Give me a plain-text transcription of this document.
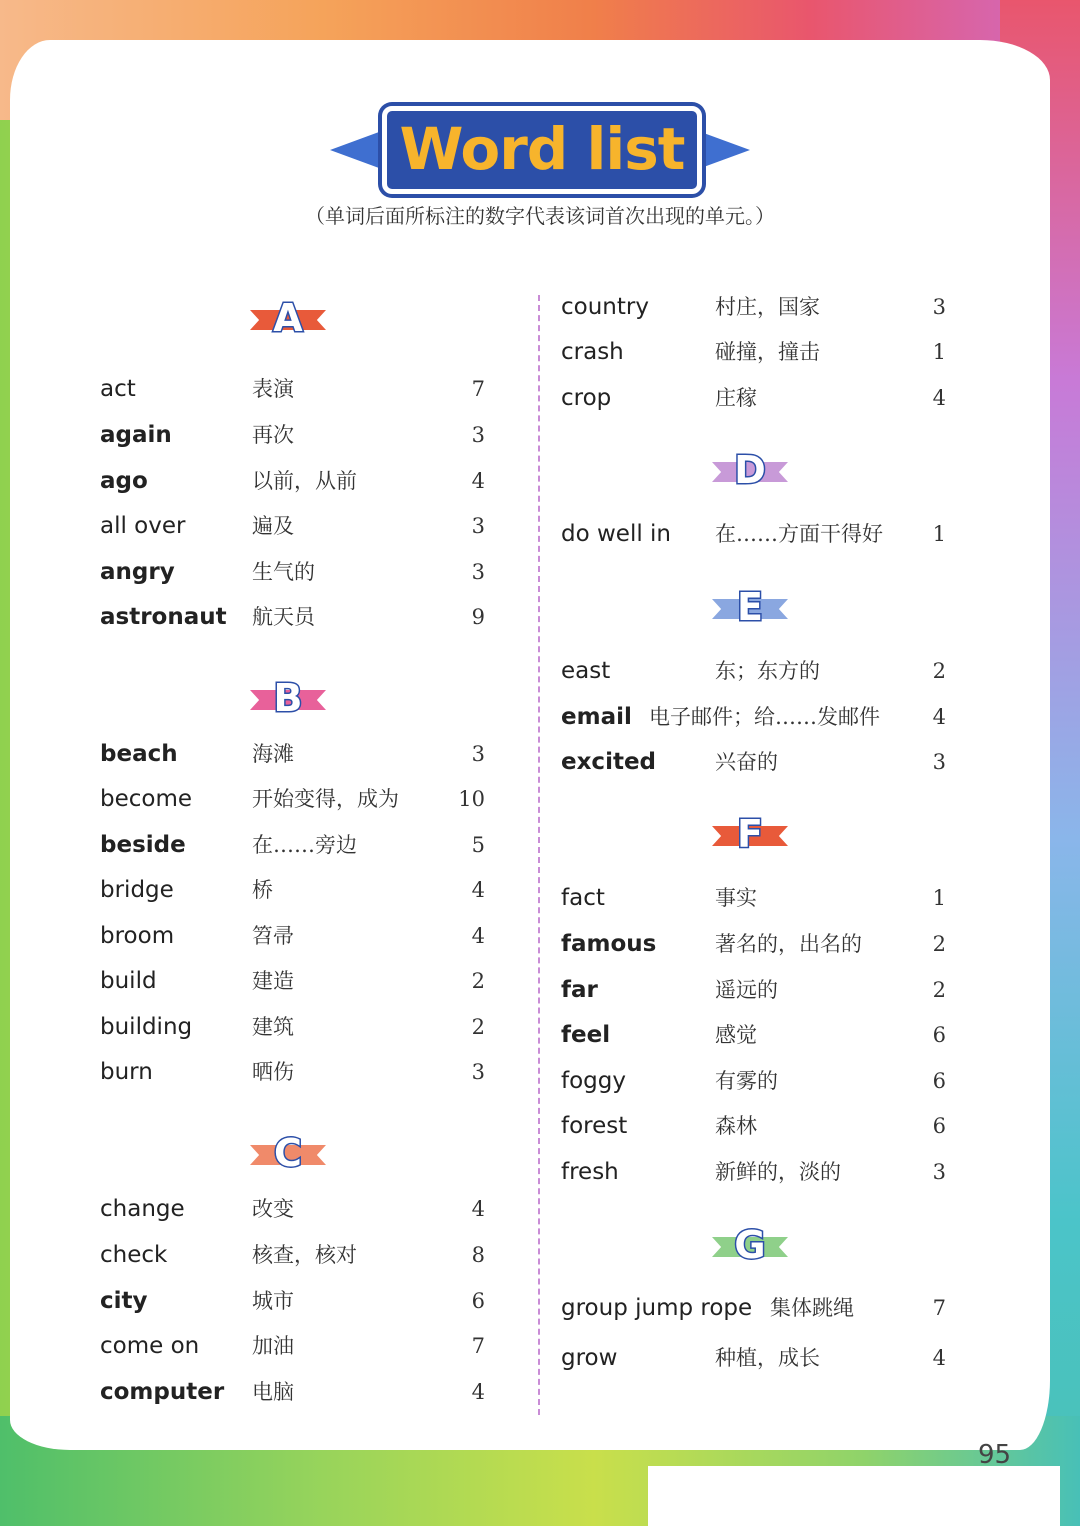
Word list
（单词后面所标注的数字代表该词首次出现的单元。）
A
B
C
D
E
F
G
act	表演	7
again	再次	3
ago	以前，从前	4
all over	遍及	3
angry	生气的	3
astronaut 航天员	9
beach	海滩	3
become	开始变得，成为	10
beside	在……旁边	5
bridge	桥	4
broom	笤帚	4
build	建造	2
building	建筑	2
burn	晒伤	3
change	改变	4
check	核查，核对	8
city	城市	6
come on	加油	7
computer 电脑	4
country	村庄，国家	3
crash	碰撞，撞击	1
crop	庄稼	4
do well in 在……方面干得好	1
east	东；东方的	2
email 电子邮件；给……发邮件	4
excited	兴奋的	3
fact	事实	1
famous	著名的，出名的	2
far	遥远的	2
feel	感觉	6
foggy	有雾的	6
forest	森林	6
fresh	新鲜的，淡的	3
group jump rope 集体跳绳	7
grow	种植，成长	4
95
